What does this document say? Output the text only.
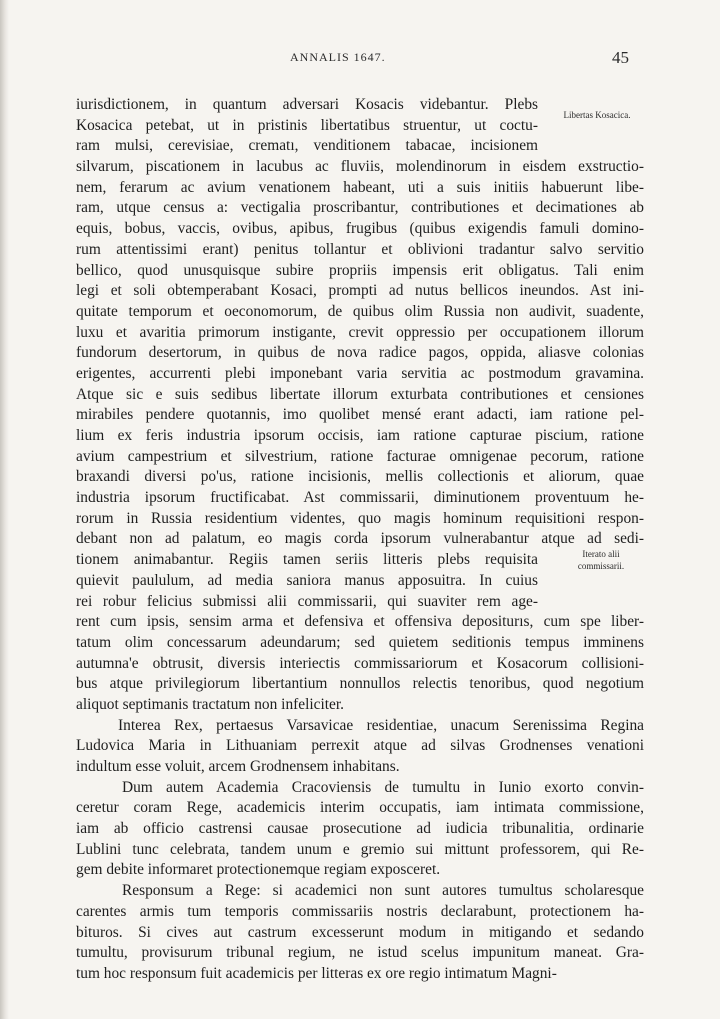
ANNALIS 1647.	45
Libertas Kosacica.
Iterato alii commissarii.
iurisdictionem, in quantum adversari Kosacis videbantur. Plebs
Kosacica petebat, ut in pristinis libertatibus struentur, ut coctu-
ram mulsi, cerevisiae, crematı, venditionem tabacae, incisionem
silvarum, piscationem in lacubus ac fluviis, molendinorum in eisdem exstructio-
nem, ferarum ac avium venationem habeant, uti a suis initiis habuerunt libe-
ram, utque census a: vectigalia proscribantur, contributiones et decimationes ab
equis, bobus, vaccis, ovibus, apibus, frugibus (quibus exigendis famuli domino-
rum attentissimi erant) penitus tollantur et oblivioni tradantur salvo servitio
bellico, quod unusquisque subire propriis impensis erit obligatus. Tali enim
legi et soli obtemperabant Kosaci, prompti ad nutus bellicos ineundos. Ast ini-
quitate temporum et oeconomorum, de quibus olim Russia non audivit, suadente,
luxu et avaritia primorum instigante, crevit oppressio per occupationem illorum
fundorum desertorum, in quibus de nova radice pagos, oppida, aliasve colonias
erigentes, accurrenti plebi imponebant varia servitia ac postmodum gravamina.
Atque sic e suis sedibus libertate illorum exturbata contributiones et censiones
mirabiles pendere quotannis, imo quolibet mensé erant adacti, iam ratione pel-
lium ex feris industria ipsorum occisis, iam ratione capturae piscium, ratione
avium campestrium et silvestrium, ratione facturae omnigenae pecorum, ratione
braxandi diversi po'us, ratione incisionis, mellis collectionis et aliorum, quae
industria ipsorum fructificabat. Ast commissarii, diminutionem proventuum he-
rorum in Russia residentium videntes, quo magis hominum requisitioni respon-
debant non ad palatum, eo magis corda ipsorum vulnerabantur atque ad sedi-
tionem animabantur. Regiis tamen seriis litteris plebs requisita
quievit paululum, ad media saniora manus apposuitra. In cuius
rei robur felicius submissi alii commissarii, qui suaviter rem age-
rent cum ipsis, sensim arma et defensiva et offensiva depositurıs, cum spe liber-
tatum olim concessarum adeundarum; sed quietem seditionis tempus imminens
autumna'e obtrusit, diversis interiectis commissariorum et Kosacorum collisioni-
bus atque privilegiorum libertantium nonnullos relectis tenoribus, quod negotium
aliquot septimanis tractatum non infeliciter.
Interea Rex, pertaesus Varsavicae residentiae, unacum Serenissima Regina
Ludovica Maria in Lithuaniam perrexit atque ad silvas Grodnenses venationi
indultum esse voluit, arcem Grodnensem inhabitans.
Dum autem Academia Cracoviensis de tumultu in Iunio exorto convin-
ceretur coram Rege, academicis interim occupatis, iam intimata commissione,
iam ab officio castrensi causae prosecutione ad iudicia tribunalitia, ordinarie
Lublini tunc celebrata, tandem unum e gremio sui mittunt professorem, qui Re-
gem debite informaret protectionemque regiam exposceret.
Responsum a Rege: si academici non sunt autores tumultus scholaresque
carentes armis tum temporis commissariis nostris declarabunt, protectionem ha-
bituros. Si cives aut castrum excesserunt modum in mitigando et sedando
tumultu, provisurum tribunal regium, ne istud scelus impunitum maneat. Gra-
tum hoc responsum fuit academicis per litteras ex ore regio intimatum Magni-
